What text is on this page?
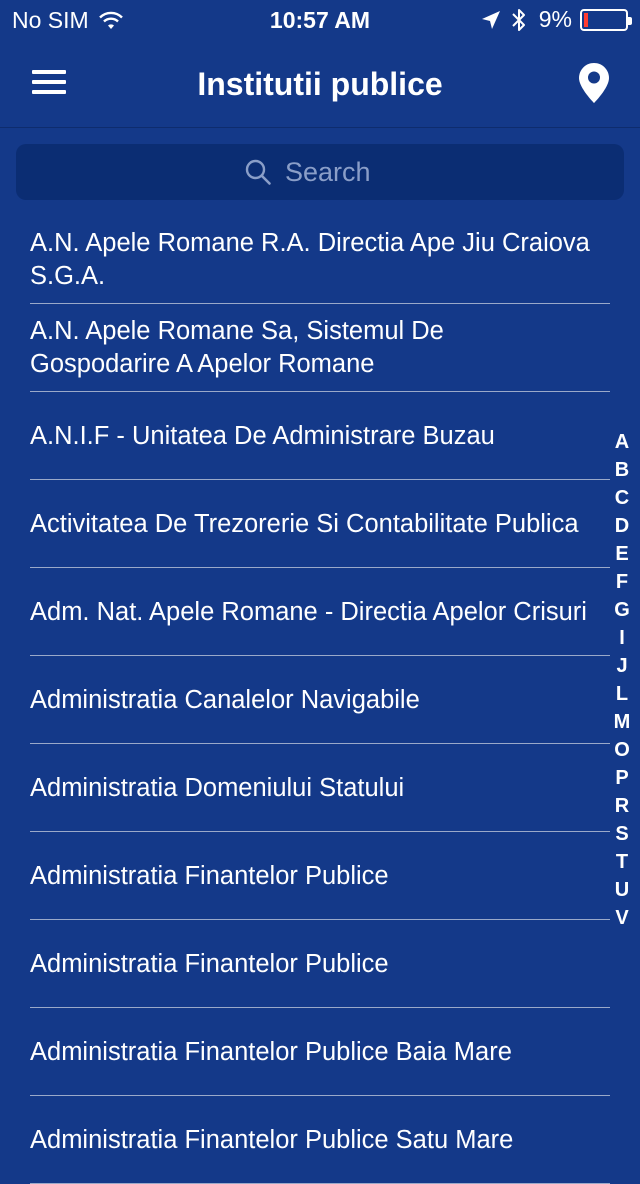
No SIM	10:57 AM	9%
Institutii publice
Search
A.N. Apele Romane R.A. Directia Ape Jiu Craiova S.G.A.
A.N. Apele Romane Sa, Sistemul De Gospodarire A Apelor Romane
A.N.I.F - Unitatea De Administrare Buzau
Activitatea De Trezorerie Si Contabilitate Publica
Adm. Nat. Apele Romane - Directia Apelor Crisuri
Administratia Canalelor Navigabile
Administratia Domeniului Statului
Administratia Finantelor Publice
Administratia Finantelor Publice
Administratia Finantelor Publice Baia Mare
Administratia Finantelor Publice Satu Mare
A
B
C
D
E
F
G
I
J
L
M
O
P
R
S
T
U
V
